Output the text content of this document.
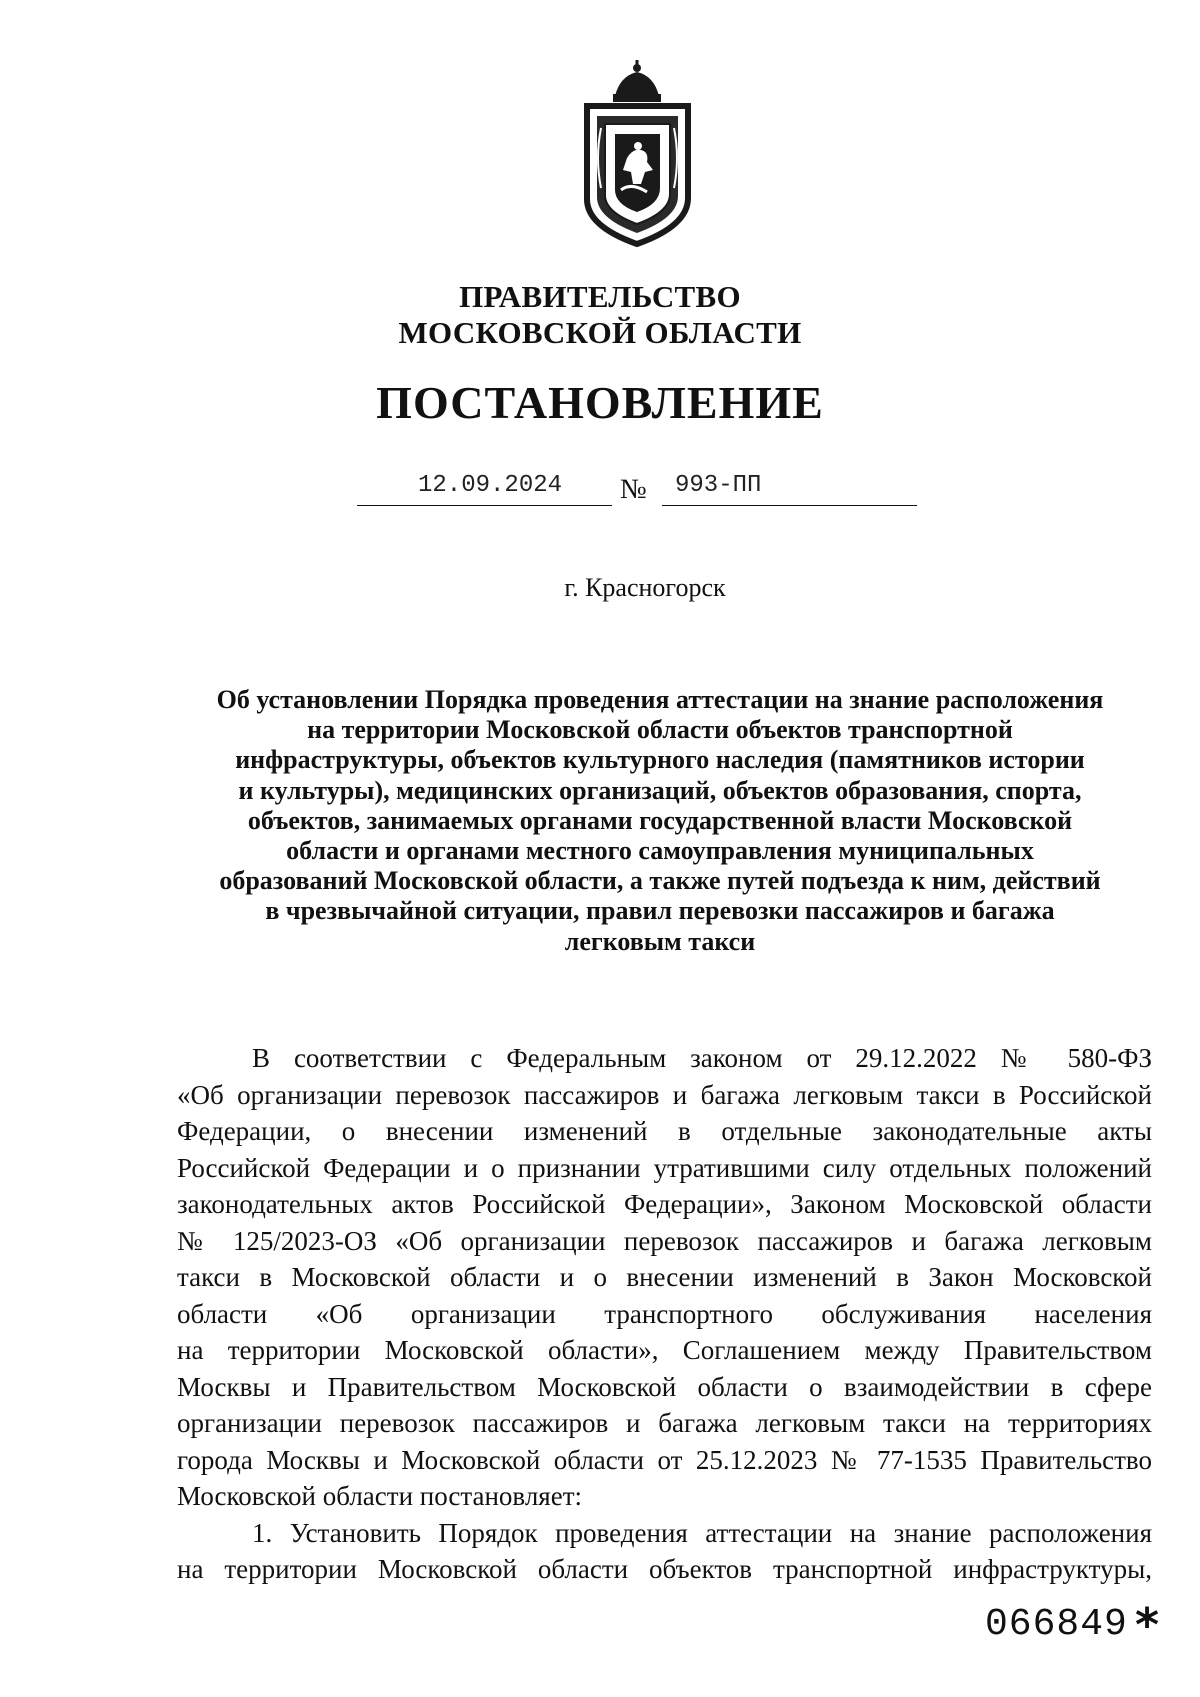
ПРАВИТЕЛЬСТВО
МОСКОВСКОЙ ОБЛАСТИ
ПОСТАНОВЛЕНИЕ
12.09.2024 № 993-ПП
г. Красногорск
Об установлении Порядка проведения аттестации на знание расположения
на территории Московской области объектов транспортной
инфраструктуры, объектов культурного наследия (памятников истории
и культуры), медицинских организаций, объектов образования, спорта,
объектов, занимаемых органами государственной власти Московской
области и органами местного самоуправления муниципальных
образований Московской области, а также путей подъезда к ним, действий
в чрезвычайной ситуации, правил перевозки пассажиров и багажа
легковым такси
В соответствии с Федеральным законом от 29.12.2022 № 580-ФЗ
«Об организации перевозок пассажиров и багажа легковым такси в Российской
Федерации, о внесении изменений в отдельные законодательные акты
Российской Федерации и о признании утратившими силу отдельных положений
законодательных актов Российской Федерации», Законом Московской области
№ 125/2023-ОЗ «Об организации перевозок пассажиров и багажа легковым
такси в Московской области и о внесении изменений в Закон Московской
области «Об организации транспортного обслуживания населения
на территории Московской области», Соглашением между Правительством
Москвы и Правительством Московской области о взаимодействии в сфере
организации перевозок пассажиров и багажа легковым такси на территориях
города Москвы и Московской области от 25.12.2023 № 77-1535 Правительство
Московской области постановляет:
1. Установить Порядок проведения аттестации на знание расположения
на территории Московской области объектов транспортной инфраструктуры,
066849 *
